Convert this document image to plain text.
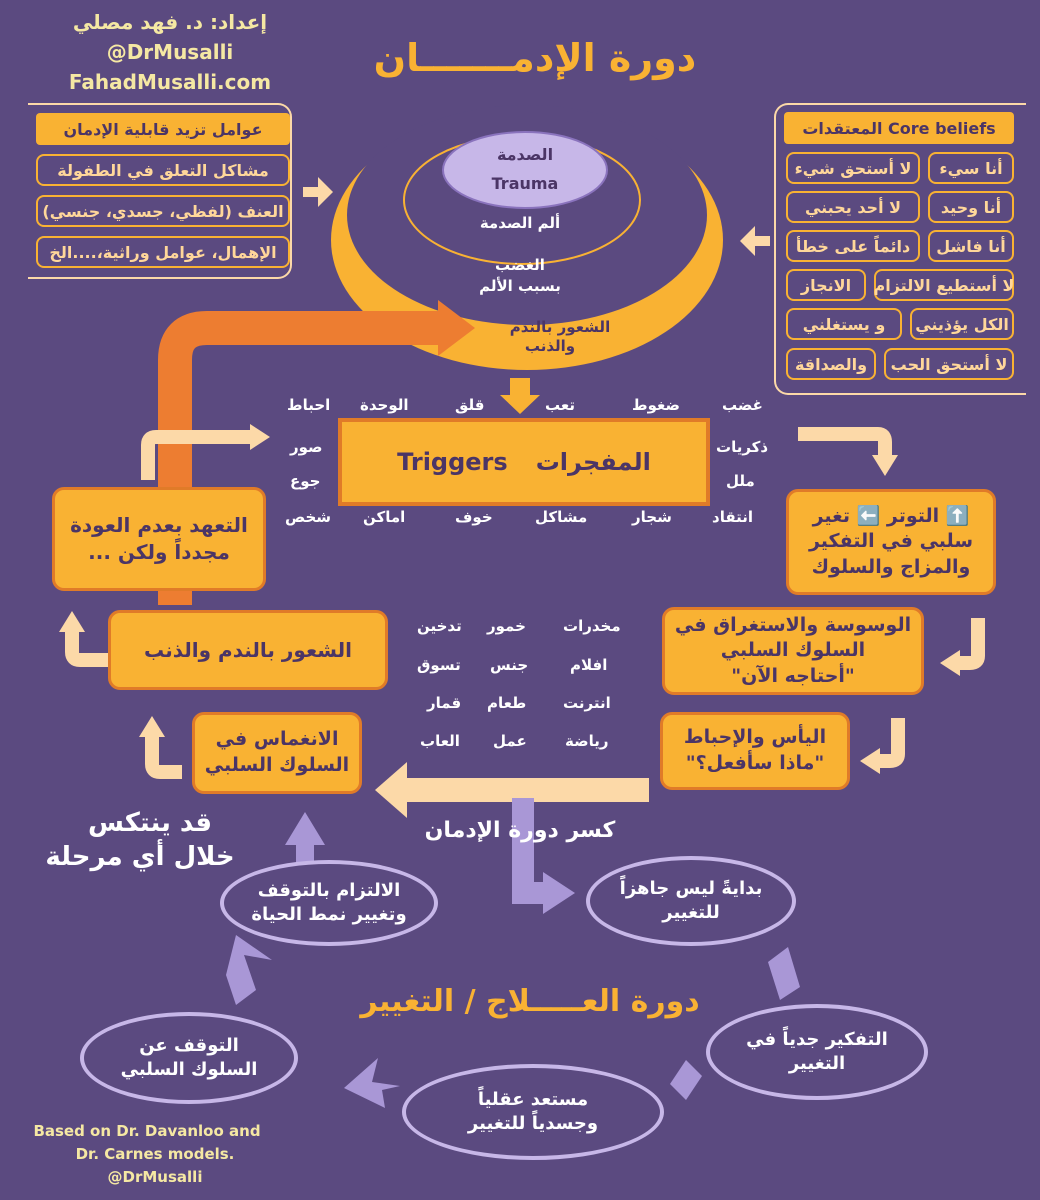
إعداد: د. فهد مصلي
@DrMusalli
FahadMusalli.com
دورة الإدمـــــــان
عوامل تزيد قابلية الإدمان
مشاكل التعلق في الطفولة
العنف (لفظي، جسدي، جنسي)
الإهمال، عوامل وراثية،....الخ
Core beliefs المعتقدات
أنا سيء
لا أستحق شيء
أنا وحيد
لا أحد يحبني
أنا فاشل
دائماً على خطأ
لا أستطيع الالتزام
الانجاز
الكل يؤذيني
و يستغلني
لا أستحق الحب
والصداقة
الصدمة
Trauma
ألم الصدمة
الغضب
بسبب الألم
الشعور بالندم
والذنب
Triggers المفجرات
غضب
ضغوط
تعب
قلق
الوحدة
احباط
صور
جوع
ذكريات
ملل
انتقاد
شجار
مشاكل
خوف
اماكن
شخص	⬆️ التوتر ⬅️ تغير سلبي في التفكير والمزاج والسلوك
الوسوسة والاستغراق في
السلوك السلبي
"أحتاجه الآن"
اليأس والإحباط
"ماذا سأفعل؟"
الانغماس في
السلوك السلبي
الشعور بالندم والذنب
التعهد بعدم العودة
مجدداً ولكن ...
مخدرات
خمور
تدخين
افلام
جنس
تسوق
انترنت
طعام
قمار
رياضة
عمل
العاب
كسر دورة الإدمان
قد ينتكس
خلال أي مرحلة
الالتزام بالتوقف
وتغيير نمط الحياة
بدايةً ليس جاهزاً
للتغيير
دورة العـــــلاج / التغيير
التوقف عن
السلوك السلبي
التفكير جدياً في
التغيير
مستعد عقلياً
وجسدياً للتغيير
Based on Dr. Davanloo and
Dr. Carnes models.
@DrMusalli
